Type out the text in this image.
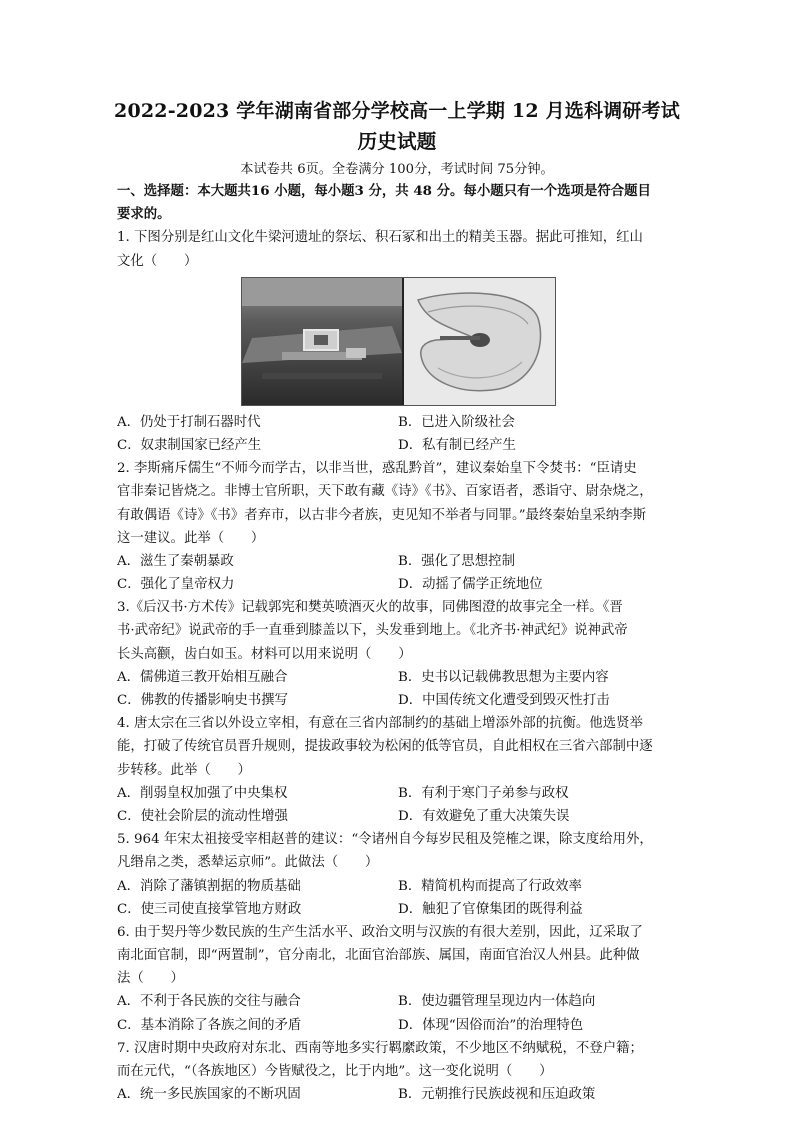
2022-2023 学年湖南省部分学校高一上学期 12 月选科调研考试
历史试题
本试卷共 6页。全卷满分 100分，考试时间 75分钟。
一、选择题：本大题共16 小题，每小题3 分，共 48 分。每小题只有一个选项是符合题目
要求的。
1. 下图分别是红山文化牛梁河遗址的祭坛、积石冢和出土的精美玉器。据此可推知，红山
文化（　　）
A．仍处于打制石器时代	B．已进入阶级社会
C．奴隶制国家已经产生	D．私有制已经产生
2. 李斯痛斥儒生“不师今而学古，以非当世，惑乱黔首”，建议秦始皇下令焚书：“臣请史
官非秦记皆烧之。非博士官所职，天下敢有藏《诗》《书》、百家语者，悉诣守、尉杂烧之，
有敢偶语《诗》《书》者弃市，以古非今者族，吏见知不举者与同罪。”最终秦始皇采纳李斯
这一建议。此举（　　）
A．滋生了秦朝暴政	B．强化了思想控制
C．强化了皇帝权力	D．动摇了儒学正统地位
3.《后汉书·方术传》记载郭宪和樊英喷酒灭火的故事，同佛图澄的故事完全一样。《晋
书·武帝纪》说武帝的手一直垂到膝盖以下，头发垂到地上。《北齐书·神武纪》说神武帝
长头高颧，齿白如玉。材料可以用来说明（　　）
A．儒佛道三教开始相互融合	B．史书以记载佛教思想为主要内容
C．佛教的传播影响史书撰写	D．中国传统文化遭受到毁灭性打击
4. 唐太宗在三省以外设立宰相，有意在三省内部制约的基础上增添外部的抗衡。他选贤举
能，打破了传统官员晋升规则，提拔政事较为松闲的低等官员，自此相权在三省六部制中逐
步转移。此举（　　）
A．削弱皇权加强了中央集权	B．有利于寒门子弟参与政权
C．使社会阶层的流动性增强	D．有效避免了重大决策失误
5. 964 年宋太祖接受宰相赵普的建议：“令诸州自今每岁民租及筦榷之课，除支度给用外，
凡缗帛之类，悉辇运京师”。此做法（　　）
A．消除了藩镇割据的物质基础	B．精简机构而提高了行政效率
C．使三司使直接掌管地方财政	D．触犯了官僚集团的既得利益
6. 由于契丹等少数民族的生产生活水平、政治文明与汉族的有很大差别，因此，辽采取了
南北面官制，即“两置制”，官分南北，北面官治部族、属国，南面官治汉人州县。此种做
法（　　）
A．不利于各民族的交往与融合	B．使边疆管理呈现边内一体趋向
C．基本消除了各族之间的矛盾	D．体现“因俗而治”的治理特色
7. 汉唐时期中央政府对东北、西南等地多实行羁縻政策，不少地区不纳赋税，不登户籍；
而在元代，“（各族地区）今皆赋役之，比于内地”。这一变化说明（　　）
A．统一多民族国家的不断巩固	B．元朝推行民族歧视和压迫政策
